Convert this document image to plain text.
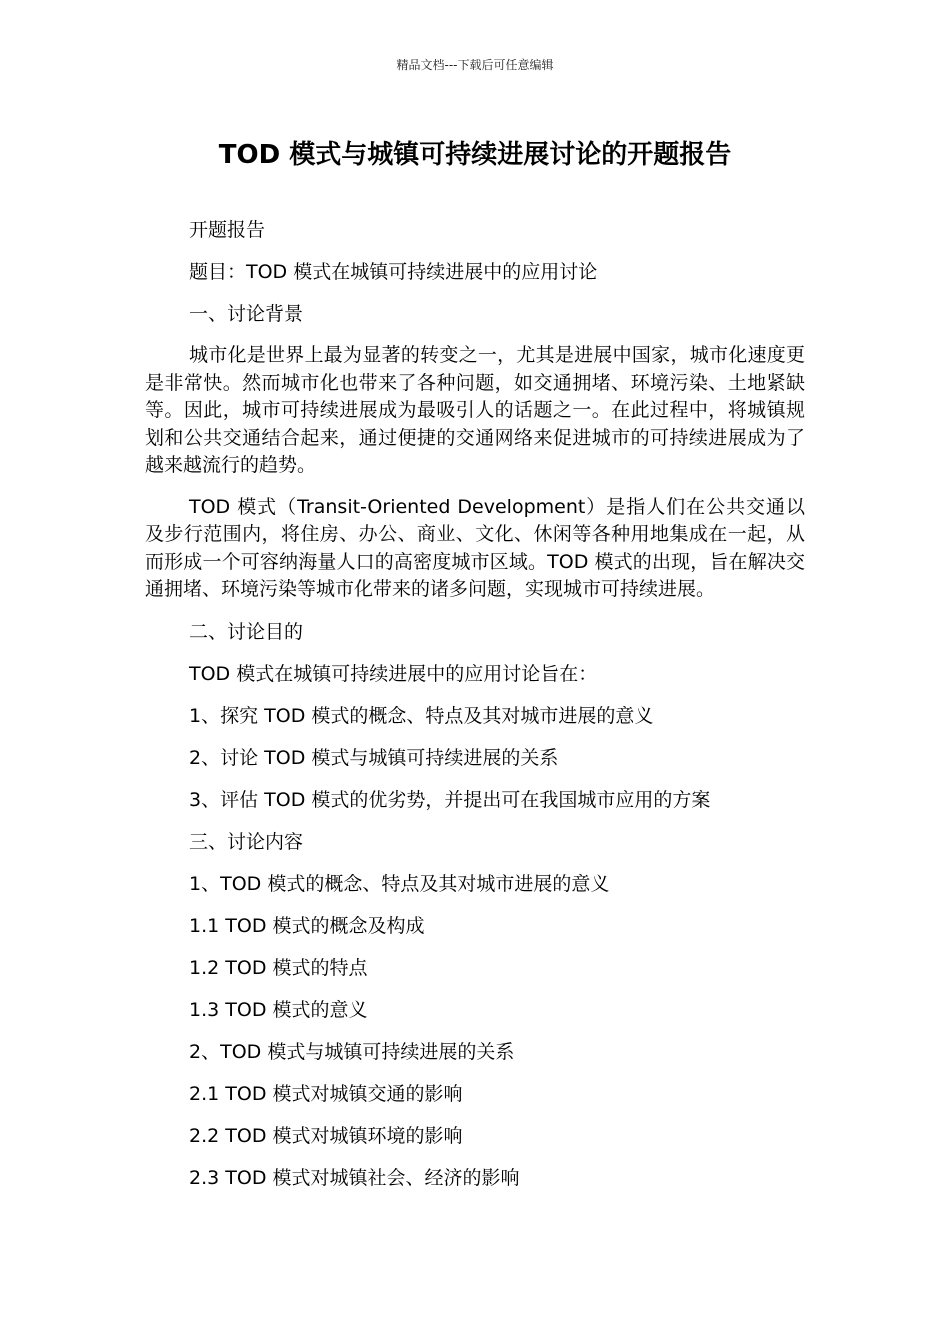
精品文档---下载后可任意编辑
TOD 模式与城镇可持续进展讨论的开题报告

开题报告

题目：TOD 模式在城镇可持续进展中的应用讨论

一、讨论背景

城市化是世界上最为显著的转变之一，尤其是进展中国家，城市化速度更是非常快。然而城市化也带来了各种问题，如交通拥堵、环境污染、土地紧缺等。因此，城市可持续进展成为最吸引人的话题之一。在此过程中，将城镇规划和公共交通结合起来，通过便捷的交通网络来促进城市的可持续进展成为了越来越流行的趋势。

TOD 模式（Transit-Oriented Development）是指人们在公共交通以及步行范围内，将住房、办公、商业、文化、休闲等各种用地集成在一起，从而形成一个可容纳海量人口的高密度城市区域。TOD 模式的出现，旨在解决交通拥堵、环境污染等城市化带来的诸多问题，实现城市可持续进展。

二、讨论目的

TOD 模式在城镇可持续进展中的应用讨论旨在：

1、探究 TOD 模式的概念、特点及其对城市进展的意义

2、讨论 TOD 模式与城镇可持续进展的关系

3、评估 TOD 模式的优劣势，并提出可在我国城市应用的方案

三、讨论内容

1、TOD 模式的概念、特点及其对城市进展的意义

1.1 TOD 模式的概念及构成

1.2 TOD 模式的特点

1.3 TOD 模式的意义

2、TOD 模式与城镇可持续进展的关系

2.1 TOD 模式对城镇交通的影响

2.2 TOD 模式对城镇环境的影响

2.3 TOD 模式对城镇社会、经济的影响
